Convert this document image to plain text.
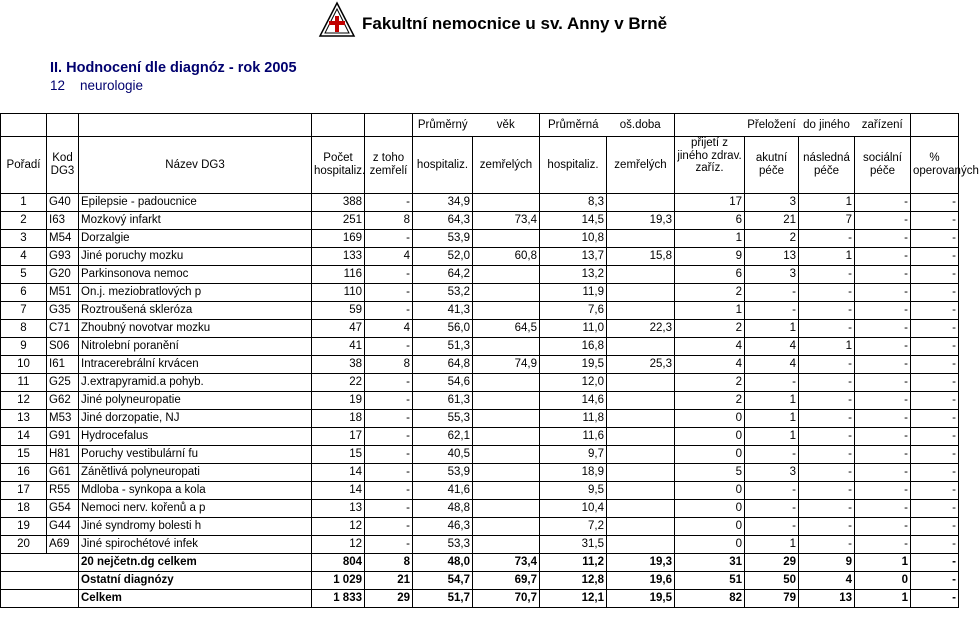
Fakultní nemocnice u sv. Anny v Brně
II. Hodnocení dle diagnóz - rok 2005
12    neurologie
					Průměrný	věk	Průměrná	oš.doba		Přeložení	do jiného	zařízení	
Pořadí	Kod DG3	Název DG3	Počet hospitaliz.	z toho zemřelí	hospitaliz.	zemřelých	hospitaliz.	zemřelých	přijetí z jiného zdrav. zaříz.	akutní péče	následná péče	sociální péče	% operovaných
1	G40	Epilepsie - padoucnice	388	-	34,9		8,3		17	3	1	-	-
2	I63	Mozkový infarkt	251	8	64,3	73,4	14,5	19,3	6	21	7	-	-
3	M54	Dorzalgie	169	-	53,9		10,8		1	2	-	-	-
4	G93	Jiné poruchy mozku	133	4	52,0	60,8	13,7	15,8	9	13	1	-	-
5	G20	Parkinsonova nemoc	116	-	64,2		13,2		6	3	-	-	-
6	M51	On.j. meziobratlových p	110	-	53,2		11,9		2	-	-	-	-
7	G35	Roztroušená skleróza	59	-	41,3		7,6		1	-	-	-	-
8	C71	Zhoubný novotvar mozku	47	4	56,0	64,5	11,0	22,3	2	1	-	-	-
9	S06	Nitrolební poranění	41	-	51,3		16,8		4	4	1	-	-
10	I61	Intracerebrální krvácen	38	8	64,8	74,9	19,5	25,3	4	4	-	-	-
11	G25	J.extrapyramid.a pohyb.	22	-	54,6		12,0		2	-	-	-	-
12	G62	Jiné polyneuropatie	19	-	61,3		14,6		2	1	-	-	-
13	M53	Jiné dorzopatie, NJ	18	-	55,3		11,8		0	1	-	-	-
14	G91	Hydrocefalus	17	-	62,1		11,6		0	1	-	-	-
15	H81	Poruchy vestibulární fu	15	-	40,5		9,7		0	-	-	-	-
16	G61	Zánětlivá polyneuropati	14	-	53,9		18,9		5	3	-	-	-
17	R55	Mdloba - synkopa a kola	14	-	41,6		9,5		0	-	-	-	-
18	G54	Nemoci nerv. kořenů a p	13	-	48,8		10,4		0	-	-	-	-
19	G44	Jiné syndromy bolesti h	12	-	46,3		7,2		0	-	-	-	-
20	A69	Jiné spirochétové infek	12	-	53,3		31,5		0	1	-	-	-
		20 nejčetn.dg celkem	804	8	48,0	73,4	11,2	19,3	31	29	9	1	-
		Ostatní diagnózy	1 029	21	54,7	69,7	12,8	19,6	51	50	4	0	-
		Celkem	1 833	29	51,7	70,7	12,1	19,5	82	79	13	1	-
